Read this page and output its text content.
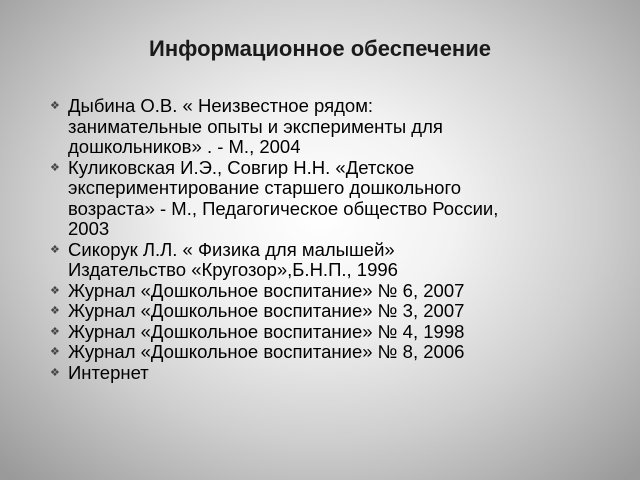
Информационное обеспечение
❖ Дыбина О.В. « Неизвестное рядом:
занимательные опыты и эксперименты для
дошкольников» . - М., 2004
❖ Куликовская И.Э., Совгир Н.Н. «Детское
экспериментирование старшего дошкольного
возраста» - М., Педагогическое общество России,
2003
❖ Сикорук Л.Л. « Физика для малышей»
Издательство «Кругозор»,Б.Н.П., 1996
❖ Журнал «Дошкольное воспитание» № 6, 2007
❖ Журнал «Дошкольное воспитание» № 3, 2007
❖ Журнал «Дошкольное воспитание» № 4, 1998
❖ Журнал «Дошкольное воспитание» № 8, 2006
❖ Интернет
